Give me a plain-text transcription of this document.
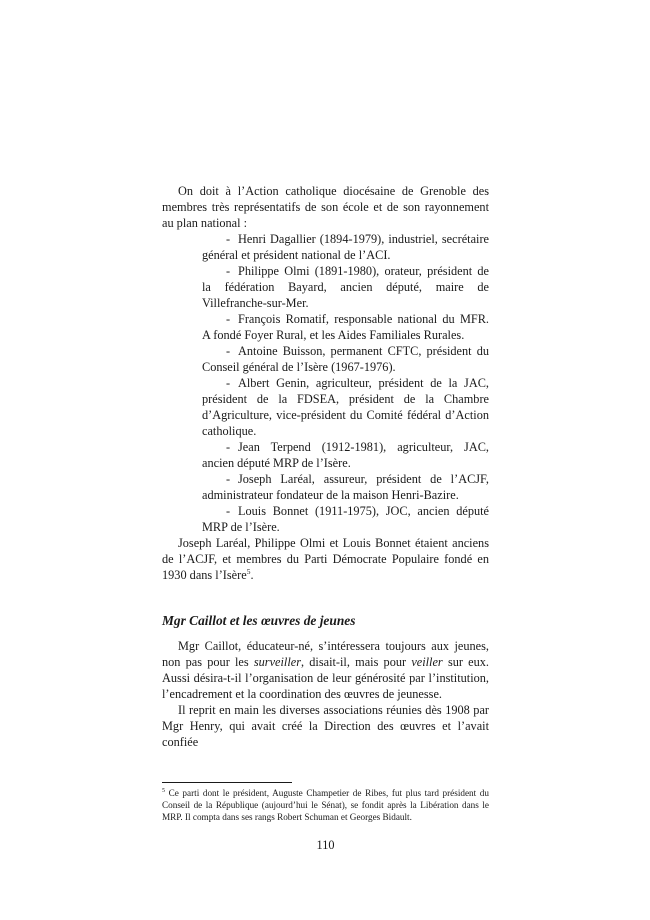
On doit à l’Action catholique diocésaine de Grenoble des membres très représentatifs de son école et de son rayonnement au plan national :

- Henri Dagallier (1894-1979), industriel, secrétaire général et président national de l’ACI.
- Philippe Olmi (1891-1980), orateur, président de la fédération Bayard, ancien député, maire de Villefranche-sur-Mer.
- François Romatif, responsable national du MFR. A fondé Foyer Rural, et les Aides Familiales Rurales.
- Antoine Buisson, permanent CFTC, président du Conseil général de l’Isère (1967-1976).
- Albert Genin, agriculteur, président de la JAC, président de la FDSEA, président de la Chambre d’Agriculture, vice-président du Comité fédéral d’Action catholique.
- Jean Terpend (1912-1981), agriculteur, JAC, ancien député MRP de l’Isère.
- Joseph Laréal, assureur, président de l’ACJF, administrateur fondateur de la maison Henri-Bazire.
- Louis Bonnet (1911-1975), JOC, ancien député MRP de l’Isère.

Joseph Laréal, Philippe Olmi et Louis Bonnet étaient anciens de l’ACJF, et membres du Parti Démocrate Populaire fondé en 1930 dans l’Isère$^5$.

Mgr Caillot et les œuvres de jeunes

Mgr Caillot, éducateur-né, s’intéressera toujours aux jeunes, non pas pour les surveiller, disait-il, mais pour veiller sur eux. Aussi désira-t-il l’organisation de leur générosité par l’institution, l’encadrement et la coordination des œuvres de jeunesse.

Il reprit en main les diverses associations réunies dès 1908 par Mgr Henry, qui avait créé la Direction des œuvres et l’avait confiée

$^5$ Ce parti dont le président, Auguste Champetier de Ribes, fut plus tard président du Conseil de la République (aujourd’hui le Sénat), se fondit après la Libération dans le MRP. Il compta dans ses rangs Robert Schuman et Georges Bidault.

110
